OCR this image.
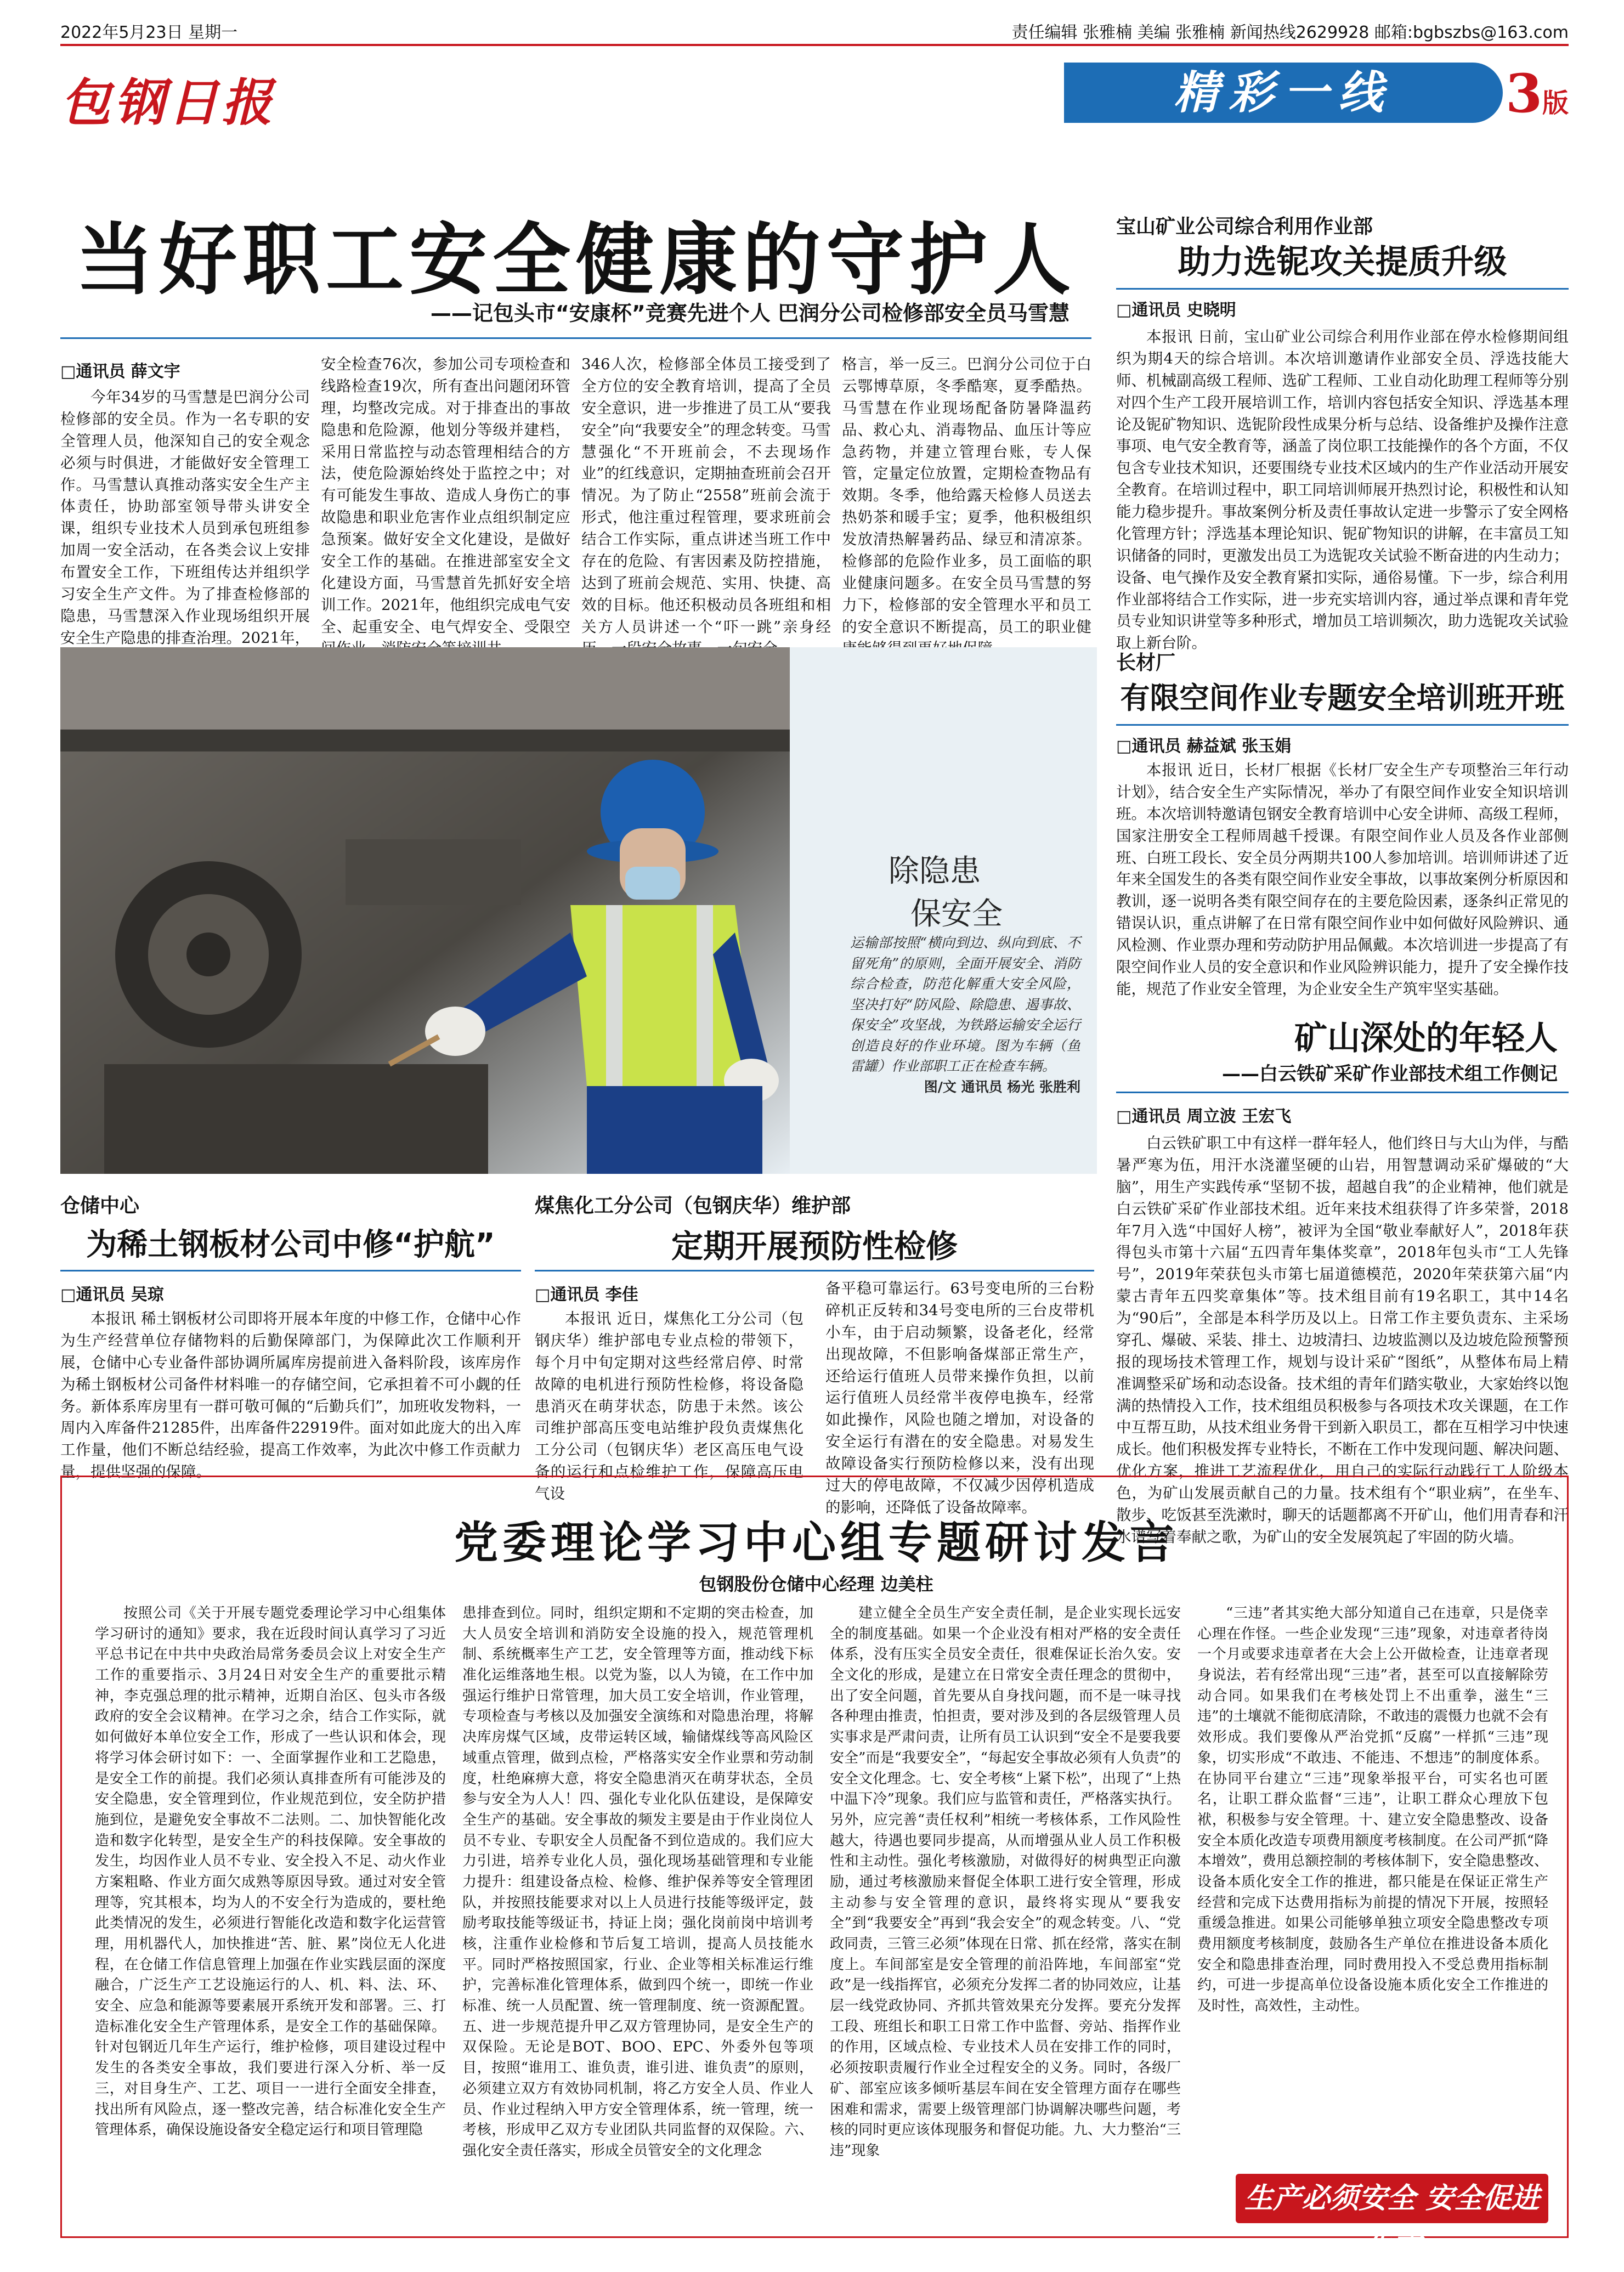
2022年5月23日 星期一	责任编辑 张雅楠 美编 张雅楠 新闻热线2629928 邮箱:bgbszbs@163.com
包钢日报	精彩一线	3版
当好职工安全健康的守护人
——记包头市“安康杯”竞赛先进个人 巴润分公司检修部安全员马雪慧
□通讯员 薛文宇

今年34岁的马雪慧是巴润分公司检修部的安全员。作为一名专职的安全管理人员，他深知自己的安全观念必须与时俱进，才能做好安全管理工作。马雪慧认真推动落实安全生产主体责任，协助部室领导带头讲安全课，组织专业技术人员到承包班组参加周一安全活动，在各类会议上安排布置安全工作，下班组传达并组织学习安全生产文件。为了排查检修部的隐患，马雪慧深入作业现场组织开展安全生产隐患的排查治理。2021年，

安全检查76次，参加公司专项检查和线路检查19次，所有查出问题闭环管理，均整改完成。对于排查出的事故隐患和危险源，他划分等级并建档，采用日常监控与动态管理相结合的方法，使危险源始终处于监控之中；对有可能发生事故、造成人身伤亡的事故隐患和职业危害作业点组织制定应急预案。做好安全文化建设，是做好安全工作的基础。在推进部室安全文化建设方面，马雪慧首先抓好安全培训工作。2021年，他组织完成电气安全、起重安全、电气焊安全、受限空

346人次，检修部全体员工接受到了全方位的安全教育培训，提高了全员安全意识，进一步推进了员工从“要我安全”向“我要安全”的理念转变。马雪慧强化“不开班前会，不去现场作业”的红线意识，定期抽查班前会召开情况。为了防止“2558”班前会流于形式，他注重过程管理，要求班前会结合工作实际，重点讲述当班工作中存在的危险、有害因素及防控措施，达到了班前会规范、实用、快捷、高效的目标。他还积极动员各班组和相关方人员讲述一个“吓一跳”亲身经

格言，举一反三。巴润分公司位于白云鄂博草原，冬季酷寒，夏季酷热。马雪慧在作业现场配备防暑降温药品、救心丸、消毒物品、血压计等应急药物，并建立管理台账，专人保管，定量定位放置，定期检查物品有效期。冬季，他给露天检修人员送去热奶茶和暖手宝；夏季，他积极组织发放清热解暑药品、绿豆和清凉茶。检修部的危险作业多，员工面临的职业健康问题多。在安全员马雪慧的努力下，检修部的安全管理水平和员工的安全意识不断提高，员工的职业健

除隐患
保安全

运输部按照“横向到边、纵向到底、不留死角”的原则，全面开展安全、消防综合检查，防范化解重大安全风险，坚决打好“防风险、除隐患、遏事故、保安全”攻坚战，为铁路运输安全运行创造良好的作业环境。图为车辆（鱼雷罐）作业部职工正在检查车辆。

图/文 通讯员 杨光 张胜利

宝山矿业公司综合利用作业部
助力选铌攻关提质升级
□通讯员 史晓明

本报讯 日前，宝山矿业公司综合利用作业部在停水检修期间组织为期4天的综合培训。本次培训邀请作业部安全员、浮选技能大师、机械副高级工程师、选矿工程师、工业自动化助理工程师等分别对四个生产工段开展培训工作，培训内容包括安全知识、浮选基本理论及铌矿物知识、选铌阶段性成果分析与总结、设备维护及操作注意事项、电气安全教育等，涵盖了岗位职工技能操作的各个方面，不仅包含专业技术知识，还要围绕专业技术区域内的生产作业活动开展安全教育。在培训过程中，职工同培训师展开热烈讨论，积极性和认知能力稳步提升。事故案例分析及责任事故认定进一步警示了安全网格化管理方针；浮选基本理论知识、铌矿物知识的讲解，在丰富员工知识储备的同时，更激发出员工为选铌攻关试验不断奋进的内生动力；设备、电气操作及安全教育紧扣实际，通俗易懂。下一步，综合利用作业部将结合工作实际，进一步充实培训内容，通过举点课和青年党员专业知识讲堂等多种形式，增加员工培训频次，助力选铌攻关试验取上新台阶。

长材厂
有限空间作业专题安全培训班开班
□通讯员 赫益斌 张玉娟

本报讯 近日，长材厂根据《长材厂安全生产专项整治三年行动计划》，结合安全生产实际情况，举办了有限空间作业安全知识培训班。本次培训特邀请包钢安全教育培训中心安全讲师、高级工程师，国家注册安全工程师周越千授课。有限空间作业人员及各作业部侧班、白班工段长、安全员分两期共100人参加培训。培训师讲述了近年来全国发生的各类有限空间作业安全事故，以事故案例分析原因和教训，逐一说明各类有限空间存在的主要危险因素，逐条纠正常见的错误认识，重点讲解了在日常有限空间作业中如何做好风险辨识、通风检测、作业票办理和劳动防护用品佩戴。本次培训进一步提高了有限空间作业人员的安全意识和作业风险辨识能力，提升了安全操作技能，规范了作业安全管理，为企业安全生产筑牢坚实基础。

矿山深处的年轻人
——白云铁矿采矿作业部技术组工作侧记
□通讯员 周立波 王宏飞

白云铁矿职工中有这样一群年轻人，他们终日与大山为伴，与酷暑严寒为伍，用汗水浇灌坚硬的山岩，用智慧调动采矿爆破的“大脑”，用生产实践传承“坚韧不拔，超越自我”的企业精神，他们就是白云铁矿采矿作业部技术组。近年来技术组获得了许多荣誉，2018年7月入选“中国好人榜”，被评为全国“敬业奉献好人”，2018年获得包头市第十六届“五四青年集体奖章”，2018年包头市“工人先锋号”，2019年荣获包头市第七届道德模范，2020年荣获第六届“内蒙古青年五四奖章集体”等。技术组目前有19名职工，其中14名为“90后”，全部是本科学历及以上。日常工作主要负责东、主采场穿孔、爆破、采装、排土、边坡清扫、边坡监测以及边坡危险预警预报的现场技术管理工作，规划与设计采矿“图纸”，从整体布局上精准调整采矿场和动态设备。技术组的青年们踏实敬业，大家始终以饱满的热情投入工作，技术组组员积极参与各项技术攻关课题，在工作中互帮互助，从技术组业务骨干到新入职员工，都在互相学习中快速成长。他们积极发挥专业特长，不断在工作中发现问题、解决问题、优化方案，推进工艺流程优化，用自己的实际行动践行工人阶级本色，为矿山发展贡献自己的力量。技术组有个“职业病”，在坐车、散步、吃饭甚至洗漱时，聊天的话题都离不开矿山，他们用青春和汗水谱写着奉献之歌，为矿山的安全发展筑起了牢固的防火墙。

仓储中心
为稀土钢板材公司中修“护航”
□通讯员 吴琼

本报讯 稀土钢板材公司即将开展本年度的中修工作，仓储中心作为生产经营单位存储物料的后勤保障部门，为保障此次工作顺利开展，仓储中心专业备件部协调所属库房提前进入备料阶段，该库房作为稀土钢板材公司备件材料唯一的存储空间，它承担着不可小觑的任务。新体系库房里有一群可敬可佩的“后勤兵们”，加班收发物料，一周内入库备件21285件，出库备件22919件。面对如此庞大的出入库工作量，他们不断总结经验，提高工作效率，为此次中修工作贡献力量，提供坚强的保障。

煤焦化工分公司（包钢庆华）维护部
定期开展预防性检修
□通讯员 李佳

本报讯 近日，煤焦化工分公司（包钢庆华）维护部电专业点检的带领下，每个月中旬定期对这些经常启停、时常故障的电机进行预防性检修，将设备隐患消灭在萌芽状态，防患于未然。该公司维护部高压变电站维护段负责煤焦化工分公司（包钢庆华）老区高压电气设备的运行和点检维护工作，保障高压电气设

备平稳可靠运行。63号变电所的三台粉碎机正反转和34号变电所的三台皮带机小车，由于启动频繁，设备老化，经常出现故障，不但影响备煤部正常生产，还给运行值班人员带来操作负担，以前运行值班人员经常半夜停电换车，经常如此操作，风险也随之增加，对设备的安全运行有潜在的安全隐患。对易发生故障设备实行预防检修以来，没有出现过大的停电故障，不仅减少因停机造成的影响，还降低了设备故障率。

党委理论学习中心组专题研讨发言
包钢股份仓储中心经理 边美柱

按照公司《关于开展专题党委理论学习中心组集体学习研讨的通知》要求，我在近段时间认真学习了习近平总书记在中共中央政治局常务委员会议上对安全生产工作的重要指示、3月24日对安全生产的重要批示精神，李克强总理的批示精神，近期自治区、包头市各级政府的安全会议精神。在学习之余，结合工作实际，就如何做好本单位安全工作，形成了一些认识和体会，现将学习体会研讨如下：一、全面掌握作业和工艺隐患，是安全工作的前提。我们必须认真排查所有可能涉及的安全隐患，安全管理到位，作业规范到位，安全防护措施到位，是避免安全事故不二法则。二、加快智能化改造和数字化转型，是安全生产的科技保障。安全事故的发生，均因作业人员不专业、安全投入不足、动火作业方案粗略、作业方面欠成熟等原因导致。通过对安全管理等，究其根本，均为人的不安全行为造成的，要杜绝此类情况的发生，必须进行智能化改造和数字化运营管理，用机器代人，加快推进“苦、脏、累”岗位无人化进程，在仓储工作信息管理上加强在作业实践层面的深度融合，广泛生产工艺设施运行的人、机、料、法、环、安全、应急和能源等要素展开系统开发和部署。三、打造标准化安全生产管理体系，是安全工作的基础保障。针对包钢近几年生产运行，维护检修，项目建设过程中发生的各类安全事故，我们要进行深入分析、举一反三，对目身生产、工艺、项目一一进行全面安全排查，找出所有风险点，逐一整改完善，结合标准化安全生产管理体系，确保设施设备安全稳定运行和项目管理隐

患排查到位。同时，组织定期和不定期的突击检查，加大人员安全培训和消防安全设施的投入，规范管理机制、系统概率生产工艺，安全管理等方面，推动线下标准化运维落地生根。以党为鉴，以人为镜，在工作中加强运行维护日常管理，加大员工安全培训，作业管理，专项检查与考核以及加强安全演练和对隐患治理，将解决库房煤气区域，皮带运转区域，输储煤线等高风险区域重点管理，做到点检，严格落实安全作业票和劳动制度，杜绝麻痹大意，将安全隐患消灭在萌芽状态，全员参与安全为人人！四、强化专业化队伍建设，是保障安全生产的基础。安全事故的频发主要是由于作业岗位人员不专业、专职安全人员配备不到位造成的。我们应大力引进，培养专业化人员，强化现场基础管理和专业能力提升：组建设备点检、检修、维护保养等安全管理团队，并按照技能要求对以上人员进行技能等级评定，鼓励考取技能等级证书，持证上岗；强化岗前岗中培训考核，注重作业检修和节后复工培训，提高人员技能水平。同时严格按照国家，行业、企业等相关标准运行维护，完善标准化管理体系，做到四个统一，即统一作业标准、统一人员配置、统一管理制度、统一资源配置。五、进一步规范提升甲乙双方管理协同，是安全生产的双保险。无论是BOT、BOO、EPC、外委外包等项目，按照“谁用工、谁负责，谁引进、谁负责”的原则，必须建立双方有效协同机制，将乙方安全人员、作业人员、作业过程纳入甲方安全管理体系，统一管理，统一考核，形成甲乙双方专业团队共同监督的双保险。六、强化安全责任落实，形成全员管安全的文化理念

建立健全全员生产安全责任制，是企业实现长远安全的制度基础。如果一个企业没有相对严格的安全责任体系，没有压实全员安全责任，很难保证长治久安。安全文化的形成，是建立在日常安全责任理念的贯彻中，出了安全问题，首先要从自身找问题，而不是一味寻找各种理由推责，怕担责，要对涉及到的各层级管理人员实事求是严肃问责，让所有员工认识到“安全不是要我要安全”而是“我要安全”，“每起安全事故必须有人负责”的安全文化理念。七、安全考核“上紧下松”，出现了“上热中温下冷”现象。我们应与监管和责任，严格落实执行。另外，应完善“责任权利”相统一考核体系，工作风险性越大，待遇也要同步提高，从而增强从业人员工作积极性和主动性。强化考核激励，对做得好的树典型正向激励，通过考核激励来督促全体职工进行安全管理，形成主动参与安全管理的意识，最终将实现从“要我安全”到“我要安全”再到“我会安全”的观念转变。八、“党政同责，三管三必须”体现在日常、抓在经常，落实在制度上。车间部室是安全管理的前沿阵地，车间部室“党政”是一线指挥官，必须充分发挥二者的协同效应，让基层一线党政协同、齐抓共管效果充分发挥。要充分发挥工段、班组长和职工日常工作中监督、旁站、指挥作业的作用，区域点检、专业技术人员在安排工作的同时，必须按职责履行作业全过程安全的义务。同时，各级厂矿、部室应该多倾听基层车间在安全管理方面存在哪些困难和需求，需要上级管理部门协调解决哪些问题，考核的同时更应该体现服务和督促功能。九、大力整治“三违”现象

“三违”者其实绝大部分知道自己在违章，只是侥幸心理在作怪。一些企业发现“三违”现象，对违章者待岗一个月或要求违章者在大会上公开做检查，让违章者现身说法，若有经常出现“三违”者，甚至可以直接解除劳动合同。如果我们在考核处罚上不出重拳，滋生“三违”的土壤就不能彻底清除，不敢违的震慑力也就不会有效形成。我们要像从严治党抓“反腐”一样抓“三违”现象，切实形成“不敢违、不能违、不想违”的制度体系。在协同平台建立“三违”现象举报平台，可实名也可匿名，让职工群众监督“三违”，让职工群众心理放下包袱，积极参与安全管理。十、建立安全隐患整改、设备安全本质化改造专项费用额度考核制度。在公司严抓“降本增效”，费用总额控制的考核体制下，安全隐患整改、设备本质化安全工作的推进，都只能是在保证正常生产经营和完成下达费用指标为前提的情况下开展，按照轻重缓急推进。如果公司能够单独立项安全隐患整改专项费用额度考核制度，鼓励各生产单位在推进设备本质化安全和隐患排查治理，同时费用投入不受总费用指标制约，可进一步提高单位设备设施本质化安全工作推进的及时性，高效性，主动性。

生产必须安全 安全促进生产
